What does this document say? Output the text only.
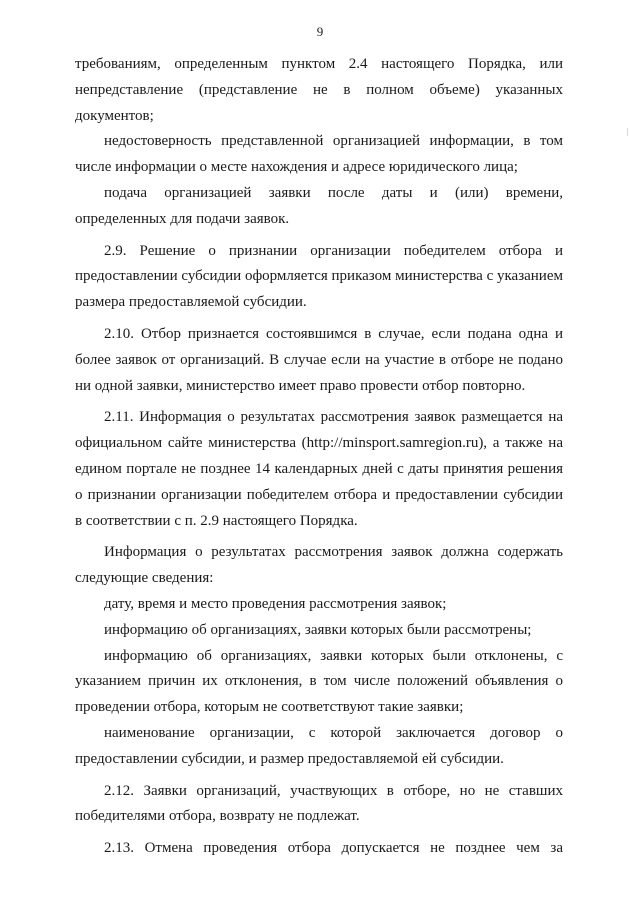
9

требованиям, определенным пунктом 2.4 настоящего Порядка, или непредставление (представление не в полном объеме) указанных документов;

недостоверность представленной организацией информации, в том числе информации о месте нахождения и адресе юридического лица;

подача организацией заявки после даты и (или) времени, определенных для подачи заявок.

2.9. Решение о признании организации победителем отбора и предоставлении субсидии оформляется приказом министерства с указанием размера предоставляемой субсидии.

2.10. Отбор признается состоявшимся в случае, если подана одна и более заявок от организаций. В случае если на участие в отборе не подано ни одной заявки, министерство имеет право провести отбор повторно.

2.11. Информация о результатах рассмотрения заявок размещается на официальном сайте министерства (http://minsport.samregion.ru), а также на едином портале не позднее 14 календарных дней с даты принятия решения о признании организации победителем отбора и предоставлении субсидии в соответствии с п. 2.9 настоящего Порядка.

Информация о результатах рассмотрения заявок должна содержать следующие сведения:

дату, время и место проведения рассмотрения заявок;

информацию об организациях, заявки которых были рассмотрены;

информацию об организациях, заявки которых были отклонены, с указанием причин их отклонения, в том числе положений объявления о проведении отбора, которым не соответствуют такие заявки;

наименование организации, с которой заключается договор о предоставлении субсидии, и размер предоставляемой ей субсидии.

2.12. Заявки организаций, участвующих в отборе, но не ставших победителями отбора, возврату не подлежат.

2.13. Отмена проведения отбора допускается не позднее чем за
